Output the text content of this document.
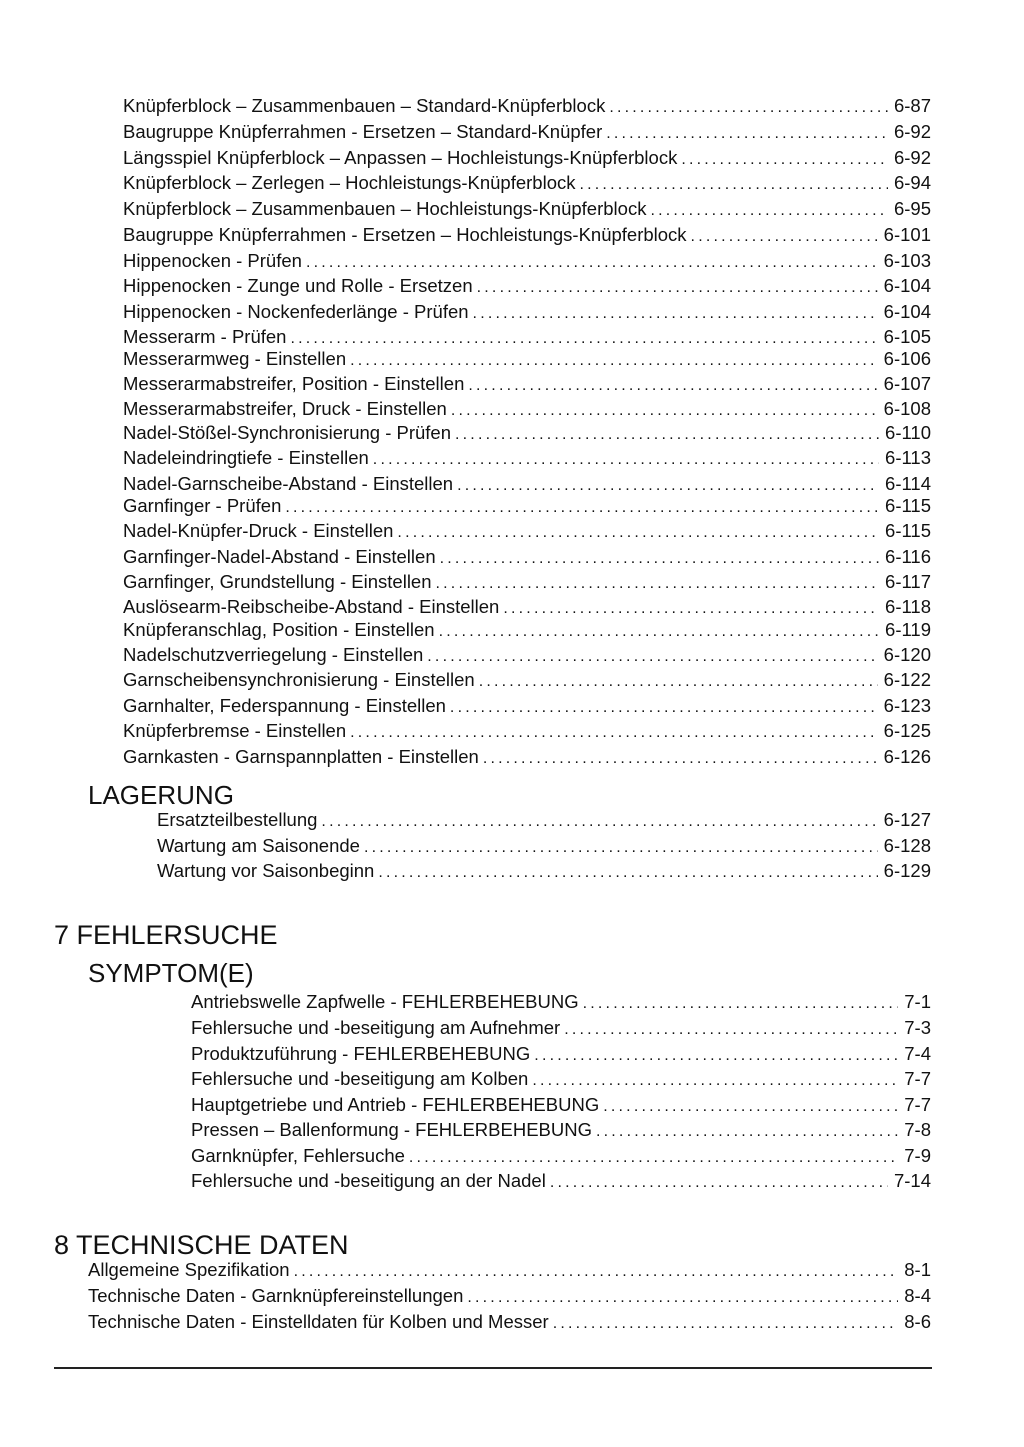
Knüpferblock – Zusammenbauen – Standard-Knüpferblock .....	6-87
Baugruppe Knüpferrahmen - Ersetzen – Standard-Knüpfer .....	6-92
Längsspiel Knüpferblock – Anpassen – Hochleistungs-Knüpferblock .....	6-92
Knüpferblock – Zerlegen – Hochleistungs-Knüpferblock .....	6-94
Knüpferblock – Zusammenbauen – Hochleistungs-Knüpferblock .....	6-95
Baugruppe Knüpferrahmen - Ersetzen – Hochleistungs-Knüpferblock .....	6-101
Hippenocken - Prüfen .....	6-103
Hippenocken - Zunge und Rolle - Ersetzen .....	6-104
Hippenocken - Nockenfederlänge - Prüfen .....	6-104
Messerarm - Prüfen .....	6-105
Messerarmweg - Einstellen .....	6-106
Messerarmabstreifer, Position - Einstellen .....	6-107
Messerarmabstreifer, Druck - Einstellen .....	6-108
Nadel-Stößel-Synchronisierung - Prüfen .....	6-110
Nadeleindringtiefe - Einstellen .....	6-113
Nadel-Garnscheibe-Abstand - Einstellen .....	6-114
Garnfinger - Prüfen .....	6-115
Nadel-Knüpfer-Druck - Einstellen .....	6-115
Garnfinger-Nadel-Abstand - Einstellen .....	6-116
Garnfinger, Grundstellung - Einstellen .....	6-117
Auslösearm-Reibscheibe-Abstand - Einstellen .....	6-118
Knüpferanschlag, Position - Einstellen .....	6-119
Nadelschutzverriegelung - Einstellen .....	6-120
Garnscheibensynchronisierung - Einstellen .....	6-122
Garnhalter, Federspannung - Einstellen .....	6-123
Knüpferbremse - Einstellen .....	6-125
Garnkasten - Garnspannplatten - Einstellen .....	6-126
LAGERUNG
Ersatzteilbestellung .....	6-127
Wartung am Saisonende .....	6-128
Wartung vor Saisonbeginn .....	6-129
7 FEHLERSUCHE
SYMPTOM(E)
Antriebswelle Zapfwelle - FEHLERBEHEBUNG .....	7-1
Fehlersuche und -beseitigung am Aufnehmer .....	7-3
Produktzuführung - FEHLERBEHEBUNG .....	7-4
Fehlersuche und -beseitigung am Kolben .....	7-7
Hauptgetriebe und Antrieb - FEHLERBEHEBUNG .....	7-7
Pressen – Ballenformung - FEHLERBEHEBUNG .....	7-8
Garnknüpfer, Fehlersuche .....	7-9
Fehlersuche und -beseitigung an der Nadel .....	7-14
8 TECHNISCHE DATEN
Allgemeine Spezifikation .....	8-1
Technische Daten - Garnknüpfereinstellungen .....	8-4
Technische Daten - Einstelldaten für Kolben und Messer .....	8-6
